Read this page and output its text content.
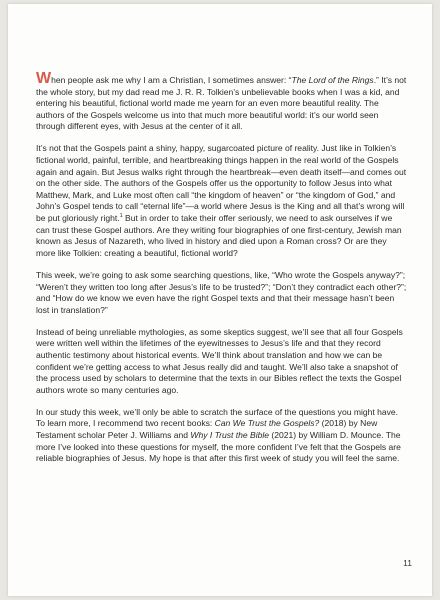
When people ask me why I am a Christian, I sometimes answer: “The Lord of the Rings.” It’s not the whole story, but my dad read me J. R. R. Tolkien’s unbelievable books when I was a kid, and entering his beautiful, fictional world made me yearn for an even more beautiful reality. The authors of the Gospels welcome us into that much more beautiful world: it’s our world seen through different eyes, with Jesus at the center of it all.

It’s not that the Gospels paint a shiny, happy, sugarcoated picture of reality. Just like in Tolkien’s fictional world, painful, terrible, and heartbreaking things happen in the real world of the Gospels again and again. But Jesus walks right through the heartbreak—even death itself—and comes out on the other side. The authors of the Gospels offer us the opportunity to follow Jesus into what Matthew, Mark, and Luke most often call “the kingdom of heaven” or “the kingdom of God,” and John’s Gospel tends to call “eternal life”—a world where Jesus is the King and all that’s wrong will be put gloriously right.$^1$ But in order to take their offer seriously, we need to ask ourselves if we can trust these Gospel authors. Are they writing four biographies of one first-century, Jewish man known as Jesus of Nazareth, who lived in history and died upon a Roman cross? Or are they more like Tolkien: creating a beautiful, fictional world?

This week, we’re going to ask some searching questions, like, “Who wrote the Gospels anyway?”; “Weren’t they written too long after Jesus’s life to be trusted?”; “Don’t they contradict each other?”; and “How do we know we even have the right Gospel texts and that their message hasn’t been lost in translation?”

Instead of being unreliable mythologies, as some skeptics suggest, we’ll see that all four Gospels were written well within the lifetimes of the eyewitnesses to Jesus’s life and that they record authentic testimony about historical events. We’ll think about translation and how we can be confident we’re getting access to what Jesus really did and taught. We’ll also take a snapshot of the process used by scholars to determine that the texts in our Bibles reflect the texts the Gospel authors wrote so many centuries ago.

In our study this week, we’ll only be able to scratch the surface of the questions you might have. To learn more, I recommend two recent books: Can We Trust the Gospels? (2018) by New Testament scholar Peter J. Williams and Why I Trust the Bible (2021) by William D. Mounce. The more I’ve looked into these questions for myself, the more confident I’ve felt that the Gospels are reliable biographies of Jesus. My hope is that after this first week of study you will feel the same.

11
